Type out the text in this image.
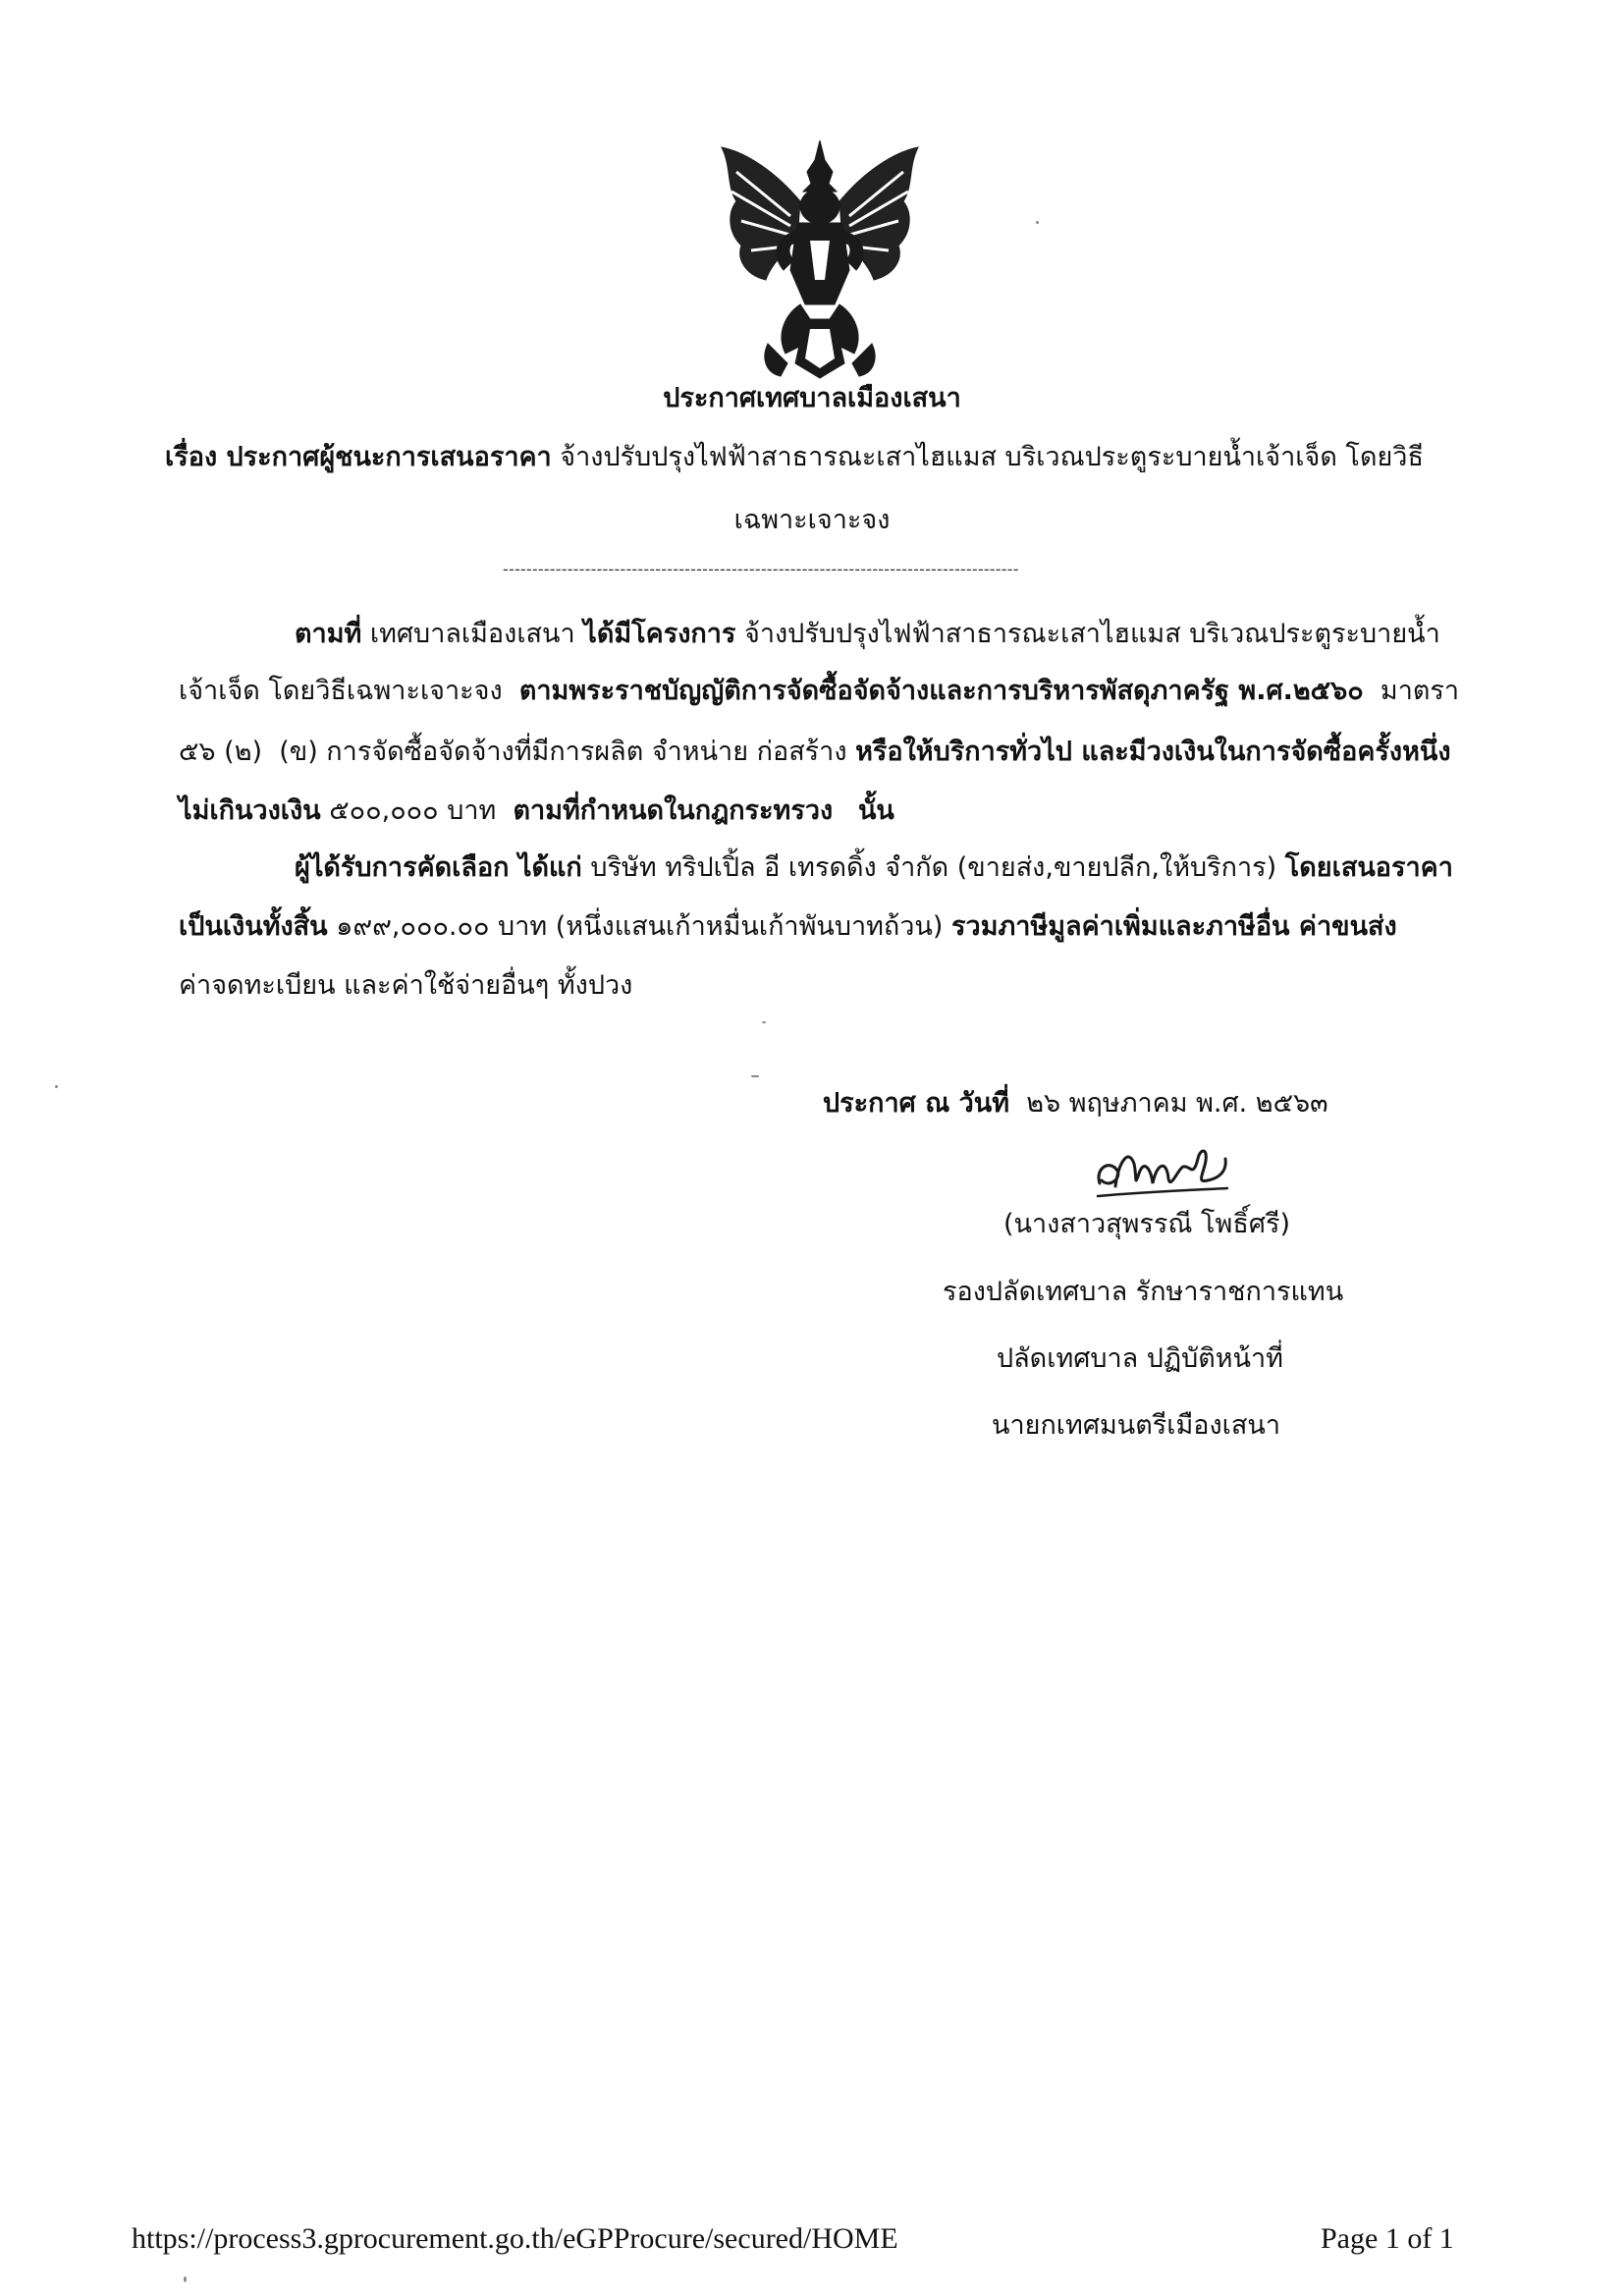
ประกาศเทศบาลเมืองเสนา
เรื่อง ประกาศผู้ชนะการเสนอราคา จ้างปรับปรุงไฟฟ้าสาธารณะเสาไฮแมส บริเวณประตูระบายน้ำเจ้าเจ็ด โดยวิธี
เฉพาะเจาะจง
----------------------------------------------------------------------------------------
ตามที่ เทศบาลเมืองเสนา ได้มีโครงการ จ้างปรับปรุงไฟฟ้าสาธารณะเสาไฮแมส บริเวณประตูระบายน้ำ
เจ้าเจ็ด โดยวิธีเฉพาะเจาะจง ตามพระราชบัญญัติการจัดซื้อจัดจ้างและการบริหารพัสดุภาครัฐ พ.ศ.๒๕๖๐ มาตรา
๕๖ (๒) (ข) การจัดซื้อจัดจ้างที่มีการผลิต จำหน่าย ก่อสร้าง หรือให้บริการทั่วไป และมีวงเงินในการจัดซื้อครั้งหนึ่ง
ไม่เกินวงเงิน ๕๐๐,๐๐๐ บาท ตามที่กำหนดในกฎกระทรวง นั้น
ผู้ได้รับการคัดเลือก ได้แก่ บริษัท ทริปเปิ้ล อี เทรดดิ้ง จำกัด (ขายส่ง,ขายปลีก,ให้บริการ) โดยเสนอราคา
เป็นเงินทั้งสิ้น ๑๙๙,๐๐๐.๐๐ บาท (หนึ่งแสนเก้าหมื่นเก้าพันบาทถ้วน) รวมภาษีมูลค่าเพิ่มและภาษีอื่น ค่าขนส่ง
ค่าจดทะเบียน และค่าใช้จ่ายอื่นๆ ทั้งปวง
ประกาศ ณ วันที่ ๒๖ พฤษภาคม พ.ศ. ๒๕๖๓
(นางสาวสุพรรณี โพธิ์ศรี)
รองปลัดเทศบาล รักษาราชการแทน
ปลัดเทศบาล ปฏิบัติหน้าที่
นายกเทศมนตรีเมืองเสนา
https://process3.gprocurement.go.th/eGPProcure/secured/HOME	Page 1 of 1
